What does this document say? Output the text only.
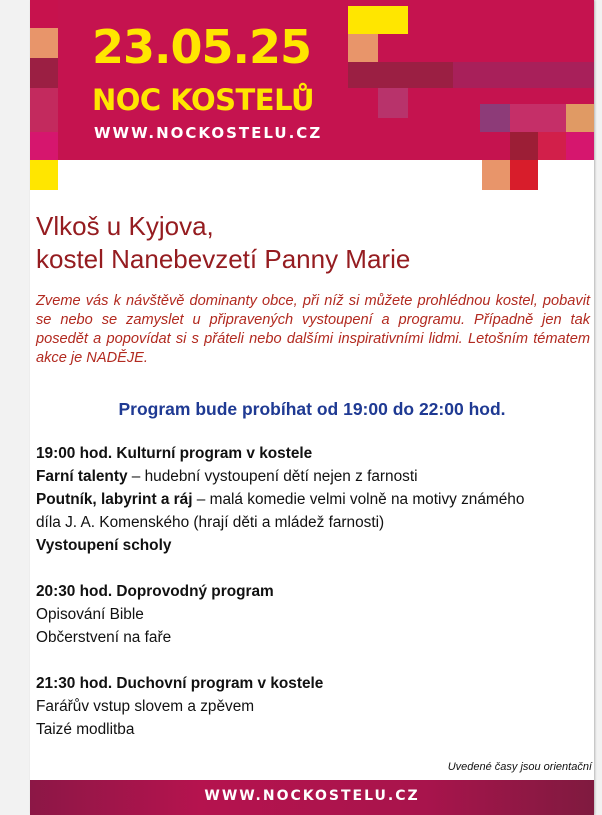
23.05.25
NOC KOSTELŮ
WWW.NOCKOSTELU.CZ
Vlkoš u Kyjova,
kostel Nanebevzetí Panny Marie

Zveme vás k návštěvě dominanty obce, při níž si můžete prohlédnou kostel, pobavit se nebo se zamyslet u připravených vystoupení a programu. Případně jen tak posedět a popovídat si s přáteli nebo dalšími inspirativními lidmi. Letošním tématem akce je NADĚJE.

Program bude probíhat od 19:00 do 22:00 hod.

19:00 hod. Kulturní program v kostele

Farní talenty – hudební vystoupení dětí nejen z farnosti

Poutník, labyrint a ráj – malá komedie velmi volně na motivy známého

díla J. A. Komenského (hrají děti a mládež farnosti)

Vystoupení scholy

20:30 hod. Doprovodný program

Opisování Bible

Občerstvení na faře

21:30 hod. Duchovní program v kostele

Farářův vstup slovem a zpěvem

Taizé modlitba

Uvedené časy jsou orientační
WWW.NOCKOSTELU.CZ
